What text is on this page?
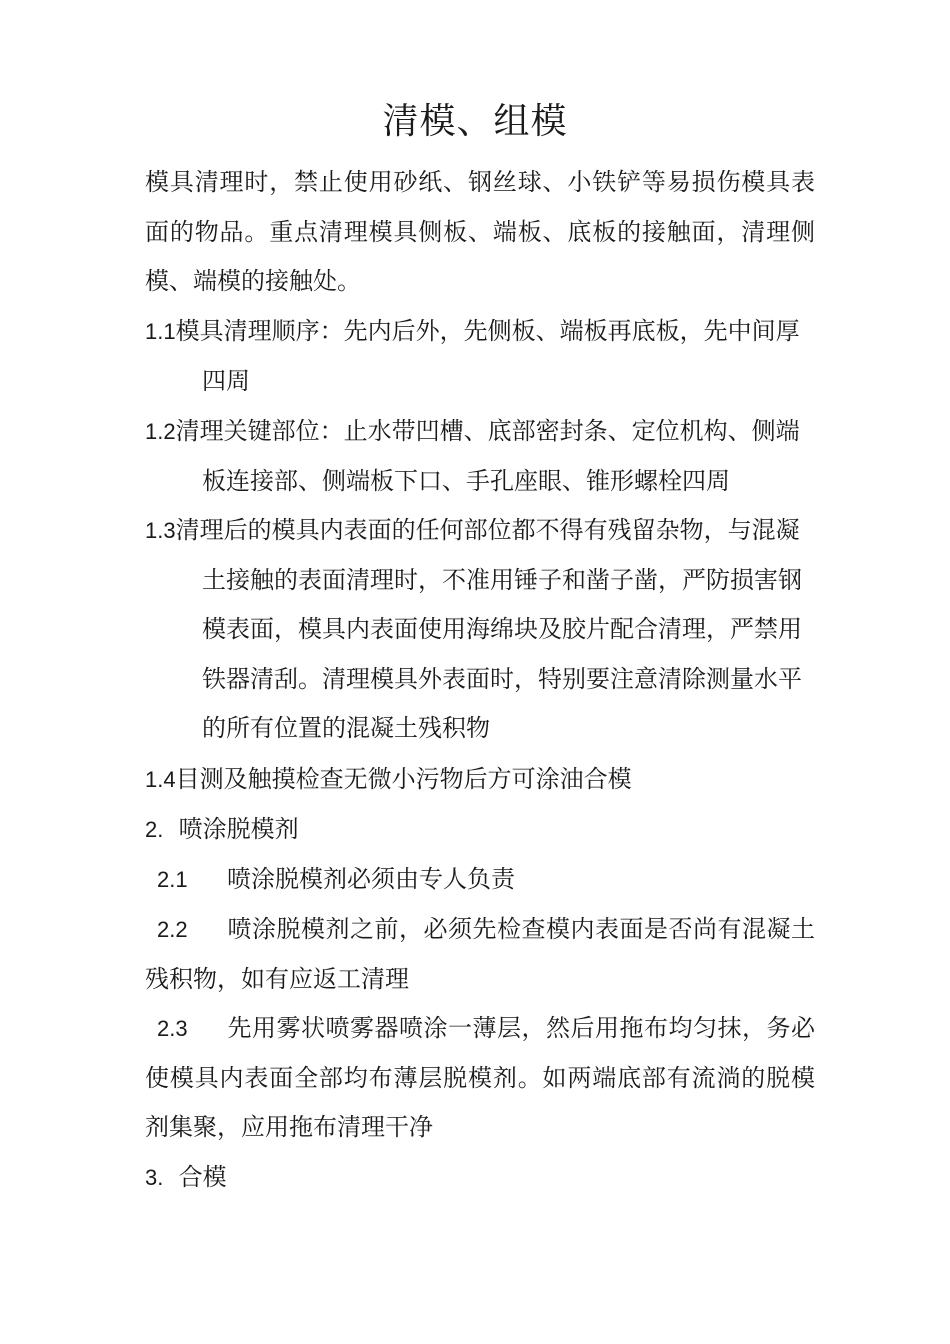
清模、组模
模具清理时，禁止使用砂纸、钢丝球、小铁铲等易损伤模具表面的物品。重点清理模具侧板、端板、底板的接触面，清理侧模、端模的接触处。
1.1模具清理顺序：先内后外，先侧板、端板再底板，先中间厚四周
1.2清理关键部位：止水带凹槽、底部密封条、定位机构、侧端板连接部、侧端板下口、手孔座眼、锥形螺栓四周
1.3清理后的模具内表面的任何部位都不得有残留杂物，与混凝土接触的表面清理时，不准用锤子和凿子凿，严防损害钢模表面，模具内表面使用海绵块及胶片配合清理，严禁用铁器清刮。清理模具外表面时，特别要注意清除测量水平的所有位置的混凝土残积物
1.4目测及触摸检查无微小污物后方可涂油合模
2. 喷涂脱模剂
2.1 喷涂脱模剂必须由专人负责
2.2 喷涂脱模剂之前，必须先检查模内表面是否尚有混凝土残积物，如有应返工清理
2.3 先用雾状喷雾器喷涂一薄层，然后用拖布均匀抹，务必使模具内表面全部均布薄层脱模剂。如两端底部有流淌的脱模剂集聚，应用拖布清理干净
3. 合模
